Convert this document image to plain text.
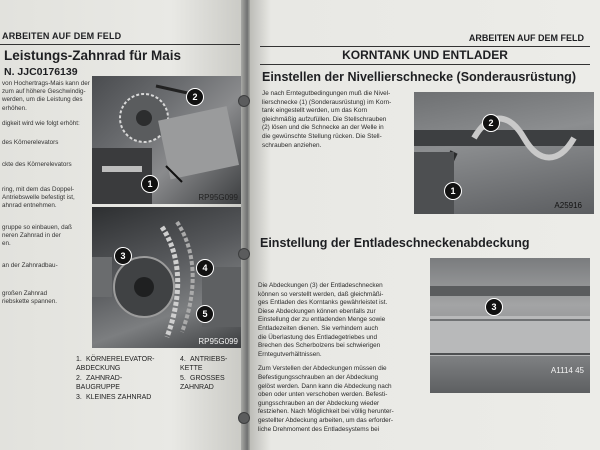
ARBEITEN AUF DEM FELD
Leistungs-Zahnrad für Mais
N. JJC0176139
von Hochertrags-Mais kann der
zum auf höhere Geschwindig-
werden, um die Leistung des
erhöhen.
digkeit wird wie folgt erhöht:
des Körnerelevators
ckte des Körnerelevators
ring, mit dem das Doppel-
Antriebswelle befestigt ist,
ahnrad entnehmen.
gruppe so einbauen, daß
neren Zahnrad in der
en.
an der Zahnradbau-
großen Zahnrad
riebskette spannen.
2
1
RP95G099
3
4
5
RP95G099
1. KÖRNERELEVATOR-ABDECKUNG
2. ZAHNRAD-BAUGRUPPE
3. KLEINES ZAHNRAD
4. ANTRIEBS-KETTE
5. GROSSES ZAHNRAD
ARBEITEN AUF DEM FELD
KORNTANK UND ENTLADER
Einstellen der Nivellierschnecke (Sonderausrüstung)
Je nach Erntegutbedingungen muß die Nivel-
lierschnecke (1) (Sonderausrüstung) im Korn-
tank eingestellt werden, um das Korn
gleichmäßig aufzufüllen. Die Stellschrauben
(2) lösen und die Schnecke an der Welle in
die gewünschte Stellung rücken. Die Stell-
schrauben anziehen.
2
1
A25916
Einstellung der Entladeschneckenabdeckung
Die Abdeckungen (3) der Entladeschnecken
können so verstellt werden, daß gleichmäßi-
ges Entladen des Korntanks gewährleistet ist.
Diese Abdeckungen können ebenfalls zur
Einstellung der zu entladenden Menge sowie
Entladezeiten dienen. Sie verhindern auch
die Überlastung des Entladegetriebes und
Brechen des Scherbolzens bei schwierigen
Erntegutverhältnissen.
Zum Verstellen der Abdeckungen müssen die
Befestigungsschrauben an der Abdeckung
gelöst werden. Dann kann die Abdeckung nach
oben oder unten verschoben werden. Befesti-
gungsschrauben an der Abdeckung wieder
festziehen. Nach Möglichkeit bei völlig herunter-
gestellter Abdeckung arbeiten, um das erforder-
liche Drehmoment des Entladesystems bei
3
A1114 45
